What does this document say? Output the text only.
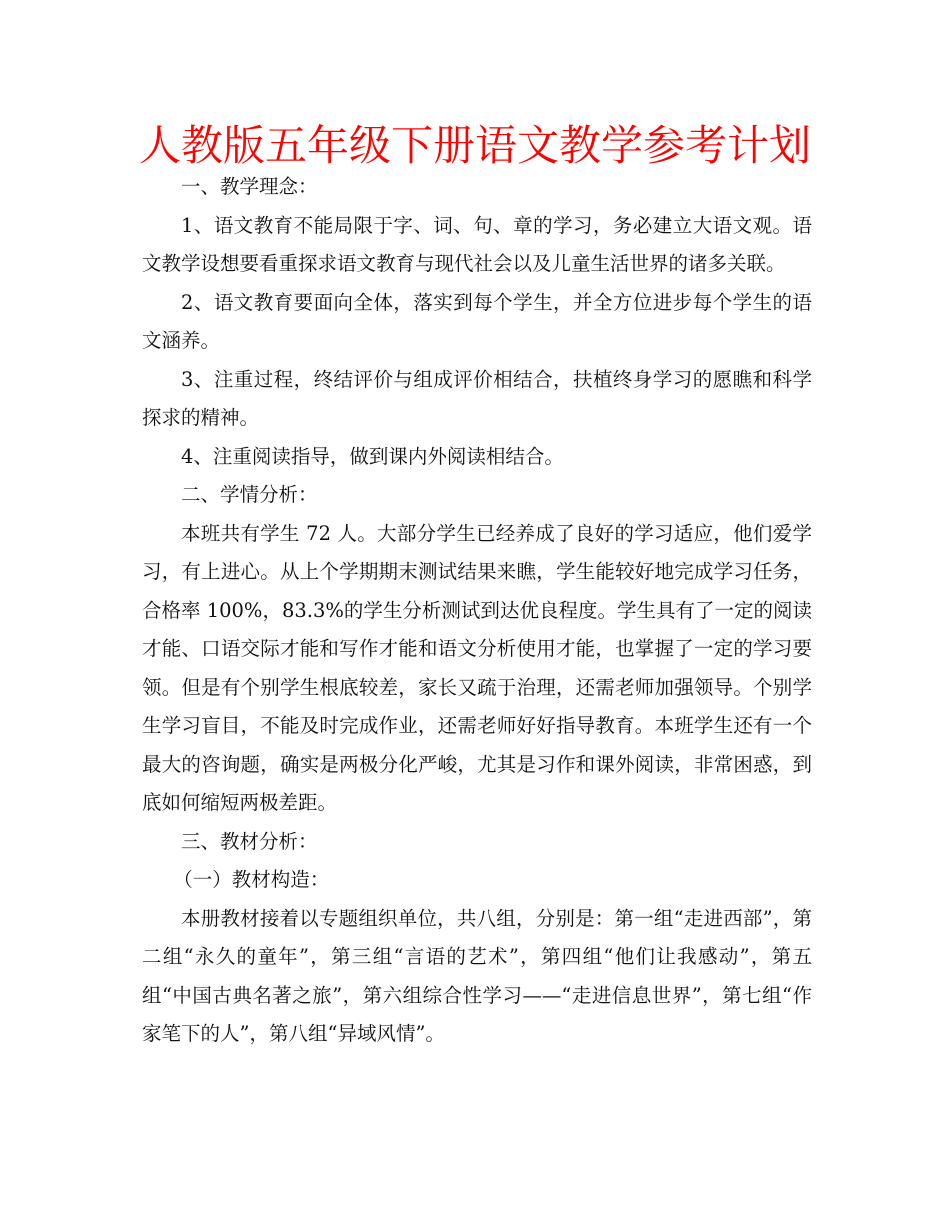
人教版五年级下册语文教学参考计划

一、教学理念：

1、语文教育不能局限于字、词、句、章的学习，务必建立大语文观。语文教学设想要看重探求语文教育与现代社会以及儿童生活世界的诸多关联。

2、语文教育要面向全体，落实到每个学生，并全方位进步每个学生的语文涵养。

3、注重过程，终结评价与组成评价相结合，扶植终身学习的愿瞧和科学探求的精神。

4、注重阅读指导，做到课内外阅读相结合。

二、学情分析：

本班共有学生 72 人。大部分学生已经养成了良好的学习适应，他们爱学习，有上进心。从上个学期期末测试结果来瞧，学生能较好地完成学习任务，合格率 100%，83.3%的学生分析测试到达优良程度。学生具有了一定的阅读才能、口语交际才能和写作才能和语文分析使用才能，也掌握了一定的学习要领。但是有个别学生根底较差，家长又疏于治理，还需老师加强领导。个别学生学习盲目，不能及时完成作业，还需老师好好指导教育。本班学生还有一个最大的咨询题，确实是两极分化严峻，尤其是习作和课外阅读，非常困惑，到底如何缩短两极差距。

三、教材分析：

（一）教材构造：

本册教材接着以专题组织单位，共八组，分别是：第一组“走进西部”，第二组“永久的童年”，第三组“言语的艺术”，第四组“他们让我感动”，第五组“中国古典名著之旅”，第六组综合性学习——“走进信息世界”，第七组“作家笔下的人”，第八组“异域风情”。
